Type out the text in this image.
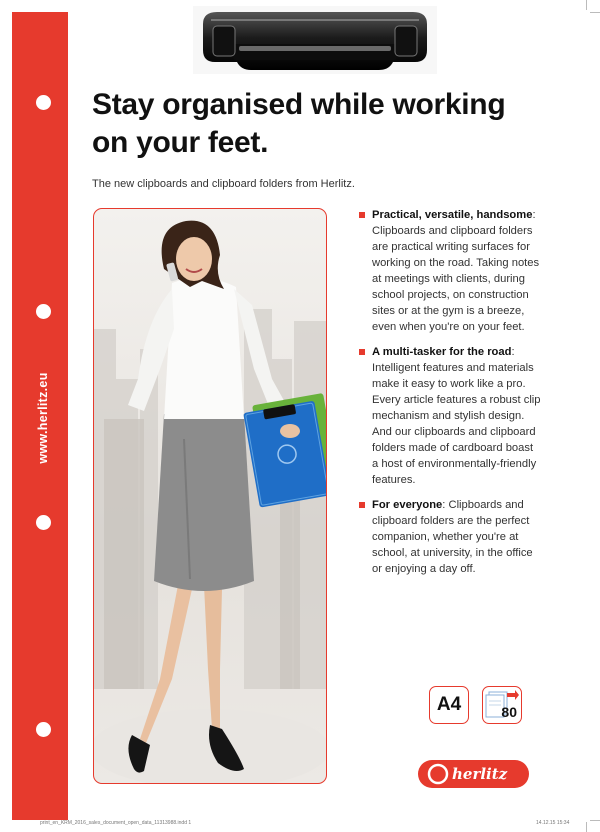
www.herlitz.eu
Stay organised while working
on your feet.
The new clipboards and clipboard folders from Herlitz.

Practical, versatile, handsome:
Clipboards and clipboard folders
are practical writing surfaces for
working on the road. Taking notes
at meetings with clients, during
school projects, on construction
sites or at the gym is a breeze,
even when you're on your feet.

A multi-tasker for the road:
Intelligent features and materials
make it easy to work like a pro.
Every article features a robust clip
mechanism and stylish design.
And our clipboards and clipboard
folders made of cardboard boast
a host of environmentally-friendly
features.

For everyone: Clipboards and
clipboard folders are the perfect
companion, whether you're at
school, at university, in the office
or enjoying a day off.

A4	80
herlitz
print_en_KRM_2016_sales_document_open_data_11313988.indd 1	14.12.15 15:34
